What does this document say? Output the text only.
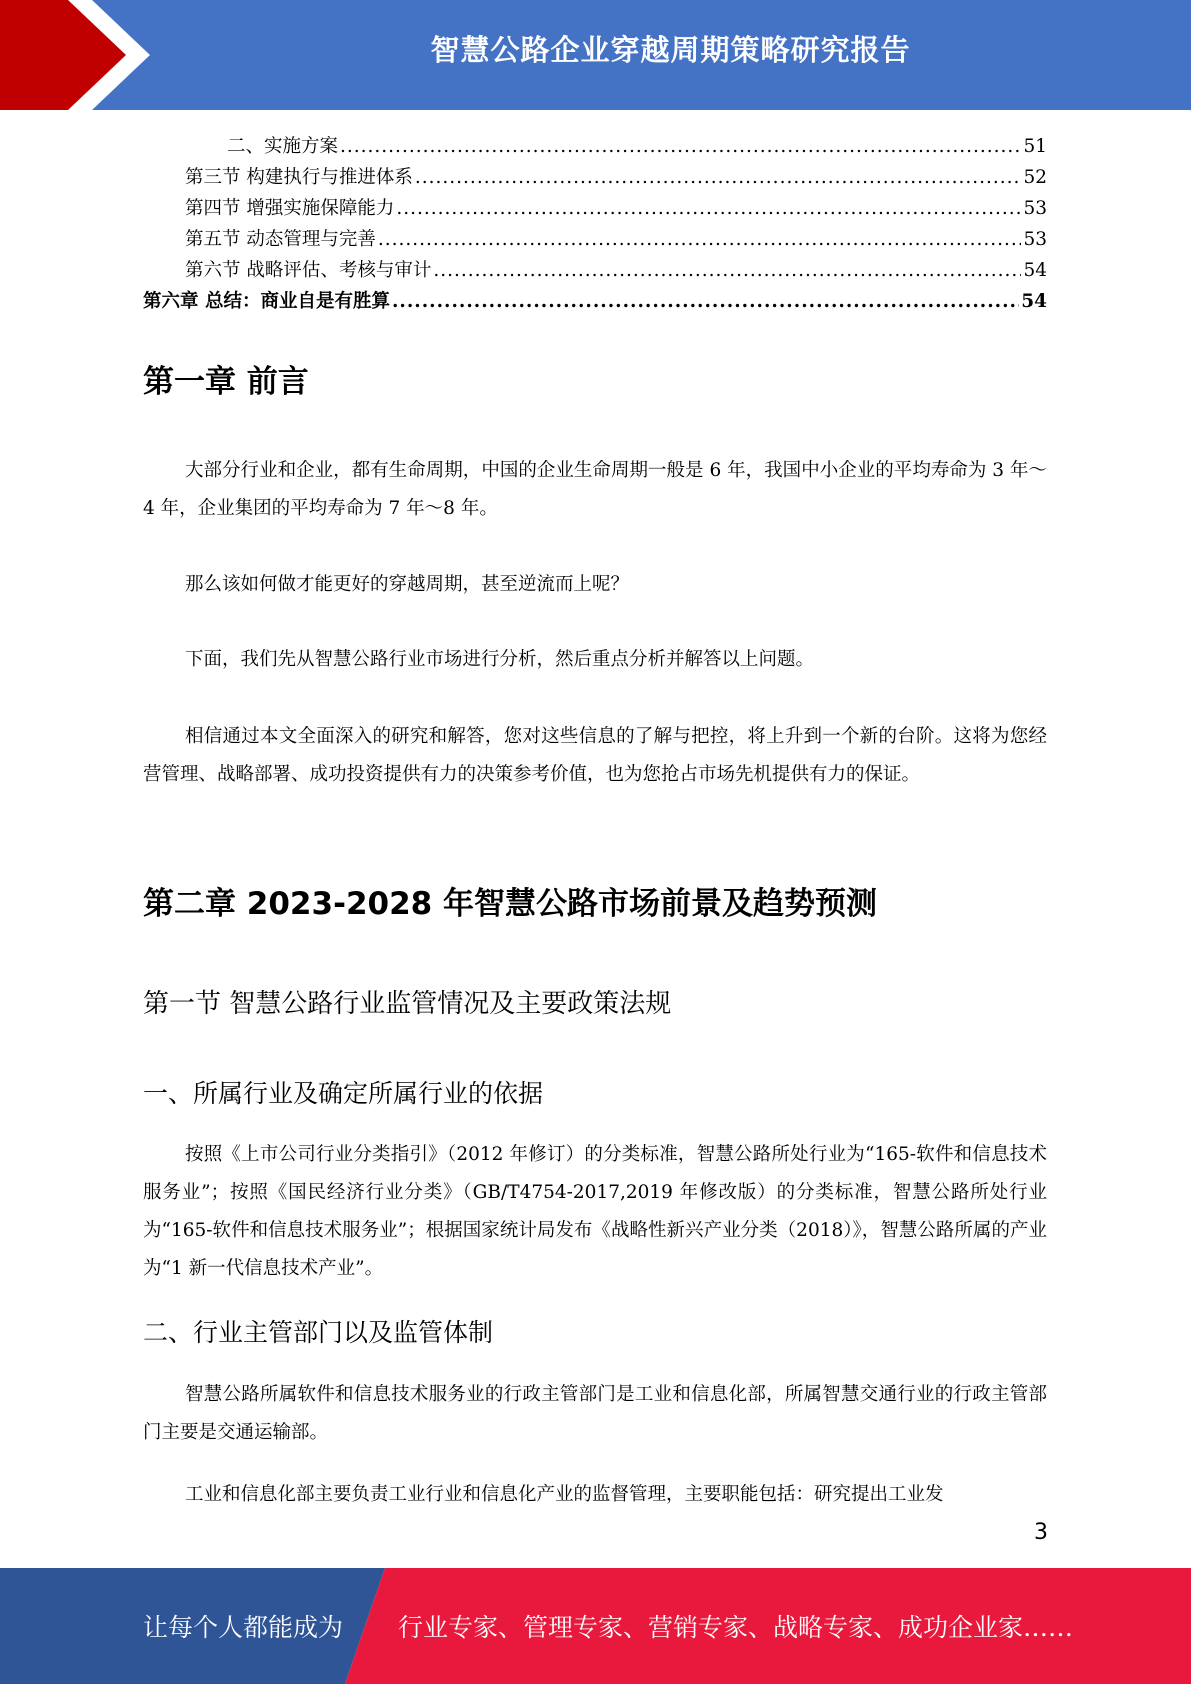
智慧公路企业穿越周期策略研究报告
二、实施方案 .....	51
第三节 构建执行与推进体系 .....	52
第四节 增强实施保障能力 .....	53
第五节 动态管理与完善 .....	53
第六节 战略评估、考核与审计 .....	54
第六章 总结：商业自是有胜算 .....	54
第一章 前言
大部分行业和企业，都有生命周期，中国的企业生命周期一般是 6 年，我国中小企业的平均寿命为 3 年～4 年，企业集团的平均寿命为 7 年～8 年。
那么该如何做才能更好的穿越周期，甚至逆流而上呢？
下面，我们先从智慧公路行业市场进行分析，然后重点分析并解答以上问题。
相信通过本文全面深入的研究和解答，您对这些信息的了解与把控，将上升到一个新的台阶。这将为您经营管理、战略部署、成功投资提供有力的决策参考价值，也为您抢占市场先机提供有力的保证。
第二章 2023-2028 年智慧公路市场前景及趋势预测
第一节 智慧公路行业监管情况及主要政策法规
一、所属行业及确定所属行业的依据
按照《上市公司行业分类指引》（2012 年修订）的分类标准，智慧公路所处行业为“165-软件和信息技术服务业”；按照《国民经济行业分类》（GB/T4754-2017,2019 年修改版）的分类标准，智慧公路所处行业为“165-软件和信息技术服务业”；根据国家统计局发布《战略性新兴产业分类（2018）》，智慧公路所属的产业为“1 新一代信息技术产业”。
二、行业主管部门以及监管体制
智慧公路所属软件和信息技术服务业的行政主管部门是工业和信息化部，所属智慧交通行业的行政主管部门主要是交通运输部。
工业和信息化部主要负责工业行业和信息化产业的监督管理，主要职能包括：研究提出工业发
3
让每个人都能成为 行业专家、管理专家、营销专家、战略专家、成功企业家……
